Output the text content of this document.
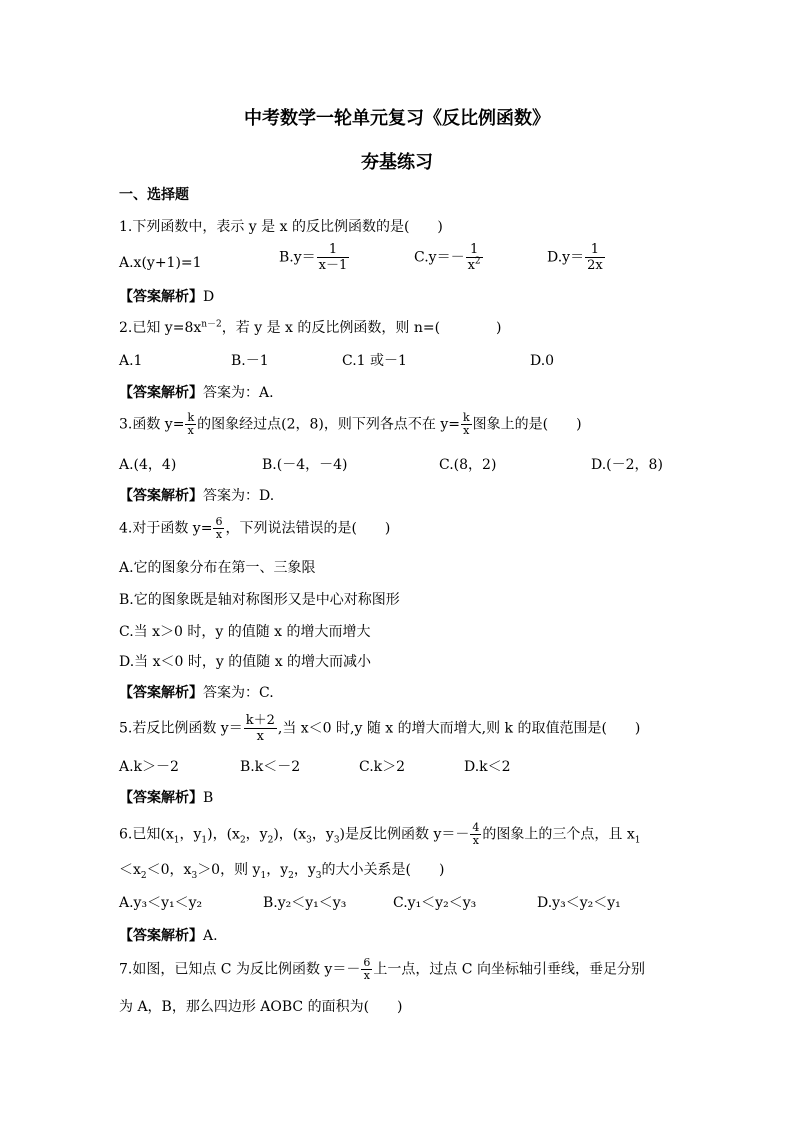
中考数学一轮单元复习《反比例函数》
夯基练习
一、选择题
1.下列函数中，表示 y 是 x 的反比例函数的是(　　)
A.x(y+1)=1	$B.y= \frac{1}{x-1}$	$C.y=- \frac{1}{x^2}$	$D.y= \frac{1}{2x}$
【答案解析】D
2.已知 $y=8x^{n-2}$，若 y 是 x 的反比例函数，则 n=(　　　　)
A.1	B.－1	C.1 或－1	D.0
【答案解析】答案为：A.
3.函数 $y= \frac{k}{x}$ 的图象经过点(2，8)，则下列各点不在 $y= \frac{k}{x}$ 图象上的是(　　)
A.(4，4)	B.(－4，－4)	C.(8，2)	D.(－2，8)
【答案解析】答案为：D.
4.对于函数 $y= \frac{6}{x}$ ，下列说法错误的是(　　)
A.它的图象分布在第一、三象限
B.它的图象既是轴对称图形又是中心对称图形
C.当 x＞0 时，y 的值随 x 的增大而增大
D.当 x＜0 时，y 的值随 x 的增大而减小
【答案解析】答案为：C.
5.若反比例函数 $y= \frac{k+2}{x}$ ,当 x＜0 时,y 随 x 的增大而增大,则 k 的取值范围是(　　)
A.k＞－2	B.k＜－2	C.k＞2	D.k＜2
【答案解析】B
6.已知($x_1$，$y_1$)，($x_2$，$y_2$)，($x_3$，$y_3$)是反比例函数 $y=- \frac{4}{x}$ 的图象上的三个点，且 $x_1$
$<x_2<0$，$x_3>0$，则 $y_1$，$y_2$，$y_3$的大小关系是(　　)
A.y₃＜y₁＜y₂	B.y₂＜y₁＜y₃	C.y₁＜y₂＜y₃	D.y₃＜y₂＜y₁
【答案解析】A.
7.如图，已知点 C 为反比例函数 $y=- \frac{6}{x}$ 上一点，过点 C 向坐标轴引垂线，垂足分别
为 A，B，那么四边形 AOBC 的面积为(　　)
